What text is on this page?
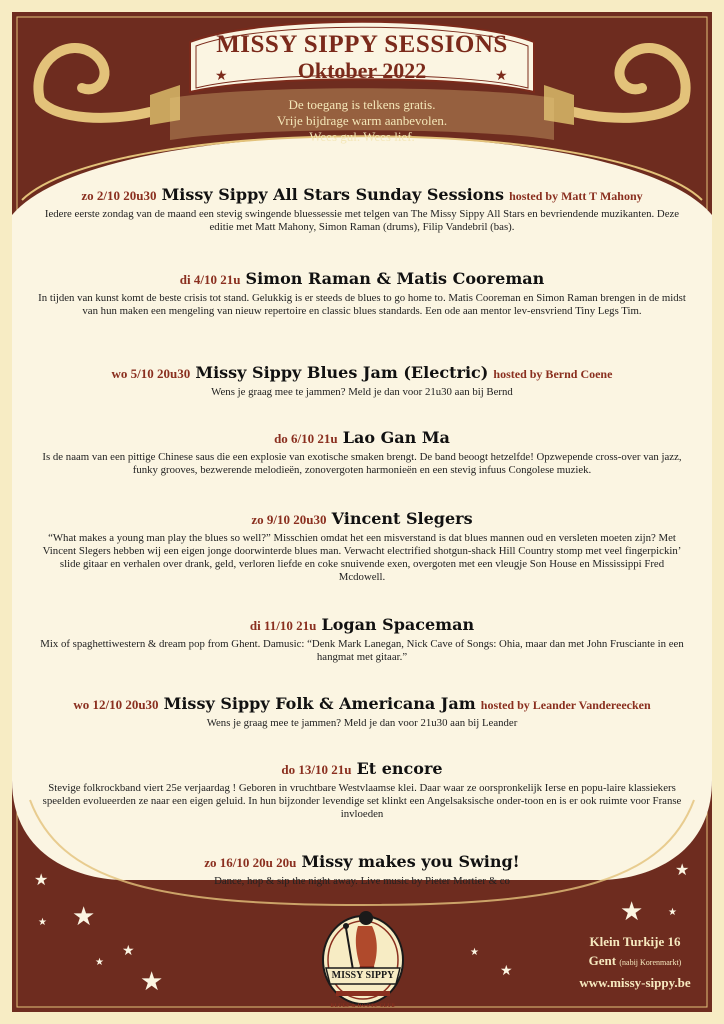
★	★
★
★
★
★
★
★
★
★ ★
★
★
MISSY SIPPY SESSIONS
Oktober 2022
De toegang is telkens gratis.
Vrije bijdrage warm aanbevolen.
Wees gul. Wees lief.
zo 2/10 20u30 Missy Sippy All Stars Sunday Sessions hosted by Matt T Mahony
Iedere eerste zondag van de maand een stevig swingende bluessessie met telgen van The Missy Sippy All Stars en bevriendende muzikanten. Deze editie met Matt Mahony, Simon Raman (drums), Filip Vandebril (bas).
di 4/10 21u Simon Raman & Matis Cooreman
In tijden van kunst komt de beste crisis tot stand. Gelukkig is er steeds de blues to go home to. Matis Cooreman en Simon Raman brengen in de midst van hun maken een mengeling van nieuw repertoire en classic blues standards. Een ode aan mentor lev-ensvriend Tiny Legs Tim.
wo 5/10 20u30 Missy Sippy Blues Jam (Electric) hosted by Bernd Coene
Wens je graag mee te jammen? Meld je dan voor 21u30 aan bij Bernd
do 6/10 21u Lao Gan Ma
Is de naam van een pittige Chinese saus die een explosie van exotische smaken brengt. De band beoogt hetzelfde! Opzwepende cross-over van jazz, funky grooves, bezwerende melodieën, zonovergoten harmonieën en een stevig infuus Congolese muziek.
zo 9/10 20u30 Vincent Slegers
“What makes a young man play the blues so well?” Misschien omdat het een misverstand is dat blues mannen oud en versleten moeten zijn? Met Vincent Slegers hebben wij een eigen jonge doorwinterde blues man. Verwacht electrified shotgun-shack Hill Country stomp met veel fingerpickin’ slide gitaar en verhalen over drank, geld, verloren liefde en coke snuivende exen, overgoten met een vleugje Son House en Mississippi Fred Mcdowell.
di 11/10 21u Logan Spaceman
Mix of spaghettiwestern & dream pop from Ghent. Damusic: “Denk Mark Lanegan, Nick Cave of Songs: Ohia, maar dan met John Frusciante in een hangmat met gitaar.”
wo 12/10 20u30 Missy Sippy Folk & Americana Jam hosted by Leander Vandereecken
Wens je graag mee te jammen? Meld je dan voor 21u30 aan bij Leander
do 13/10 21u Et encore
Stevige folkrockband viert 25e verjaardag ! Geboren in vruchtbare Westvlaamse klei. Daar waar ze oorspronkelijk Ierse en popu-laire klassiekers speelden evolueerden ze naar een eigen geluid. In hun bijzonder levendige set klinkt een Angelsaksische onder-toon en is er ook ruimte voor Franse invloeden
zo 16/10 20u 20u Missy makes you Swing!
Dance, hop & sip the night away. Live music by Pieter Mortier & co
MISSY SIPPY
BLUES & ROOTS CLUB
Klein Turkije 16
Gent (nabij Korenmarkt)
www.missy-sippy.be
